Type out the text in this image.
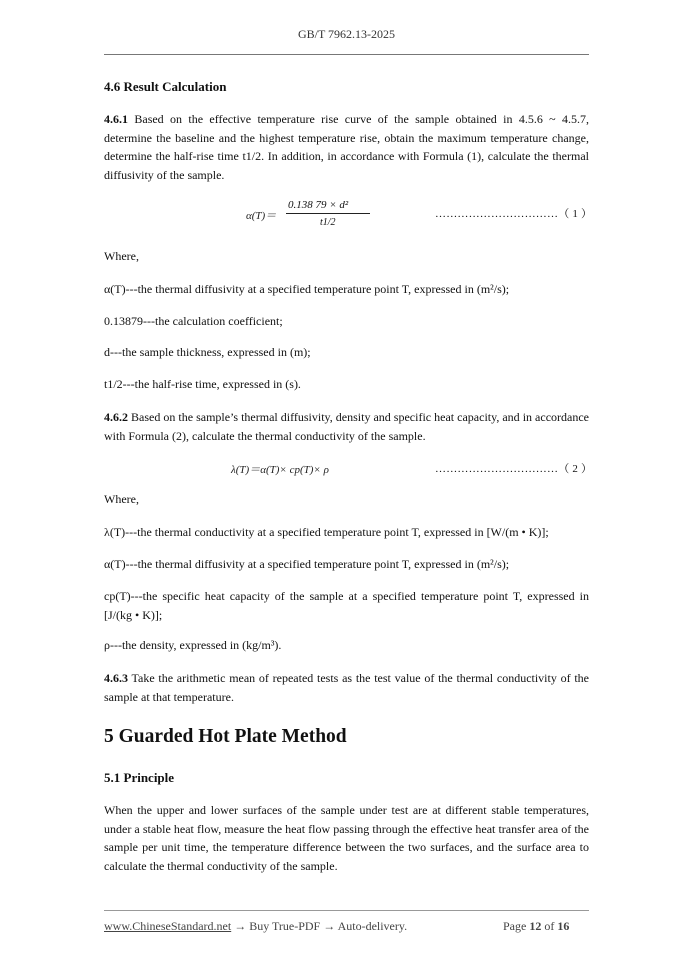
GB/T 7962.13-2025
4.6 Result Calculation
4.6.1 Based on the effective temperature rise curve of the sample obtained in 4.5.6 ~ 4.5.7, determine the baseline and the highest temperature rise, obtain the maximum temperature change, determine the half-rise time t1/2. In addition, in accordance with Formula (1), calculate the thermal diffusivity of the sample.
α(T)＝
0.138 79 × d²
t1/2
……………………………（ 1 ）
Where,
α(T)---the thermal diffusivity at a specified temperature point T, expressed in (m²/s);
0.13879---the calculation coefficient;
d---the sample thickness, expressed in (m);
t1/2---the half-rise time, expressed in (s).
4.6.2 Based on the sample’s thermal diffusivity, density and specific heat capacity, and in accordance with Formula (2), calculate the thermal conductivity of the sample.
λ(T)＝α(T)× cp(T)× ρ	……………………………（ 2 ）
Where,
λ(T)---the thermal conductivity at a specified temperature point T, expressed in [W/(m • K)];
α(T)---the thermal diffusivity at a specified temperature point T, expressed in (m²/s);
cp(T)---the specific heat capacity of the sample at a specified temperature point T, expressed in [J/(kg • K)];
ρ---the density, expressed in (kg/m³).
4.6.3 Take the arithmetic mean of repeated tests as the test value of the thermal conductivity of the sample at that temperature.
5 Guarded Hot Plate Method
5.1 Principle
When the upper and lower surfaces of the sample under test are at different stable temperatures, under a stable heat flow, measure the heat flow passing through the effective heat transfer area of the sample per unit time, the temperature difference between the two surfaces, and the surface area to calculate the thermal conductivity of the sample.
www.ChineseStandard.net → Buy True-PDF → Auto-delivery.	Page 12 of 16
